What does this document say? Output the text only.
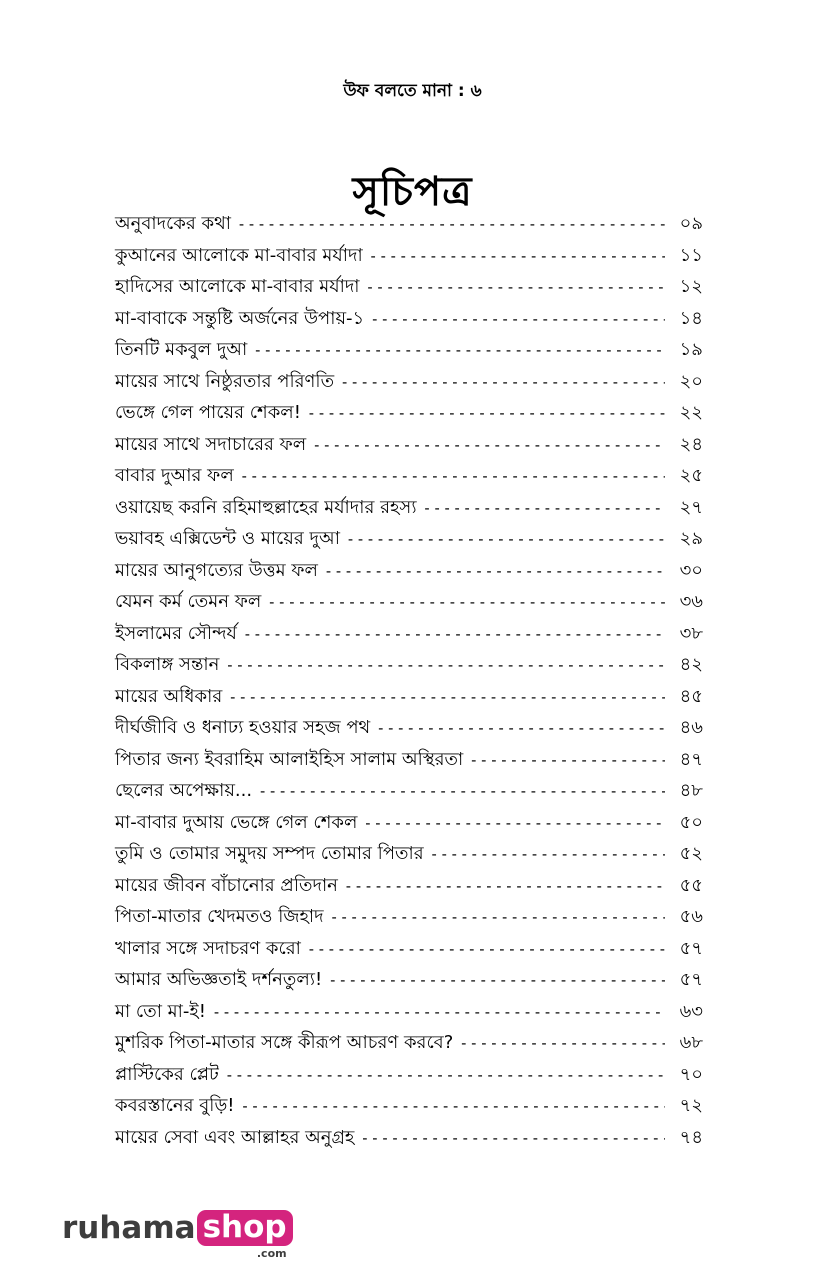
উফ বলতে মানা : ৬
সূচিপত্র
অনুবাদকের কথা -----	০৯
কুআনের আলোকে মা-বাবার মর্যাদা -----	১১
হাদিসের আলোকে মা-বাবার মর্যাদা -----	১২
মা-বাবাকে সন্তুষ্টি অর্জনের উপায়-১ -----	১৪
তিনটি মকবুল দুআ -----	১৯
মায়ের সাথে নিষ্ঠুরতার পরিণতি -----	২০
ভেঙ্গে গেল পায়ের শেকল! -----	২২
মায়ের সাথে সদাচারের ফল -----	২৪
বাবার দুআর ফল -----	২৫
ওয়ায়েছ করনি রহিমাহুল্লাহের মর্যাদার রহস্য -----	২৭
ভয়াবহ এক্সিডেন্ট ও মায়ের দুআ -----	২৯
মায়ের আনুগত্যের উত্তম ফল -----	৩০
যেমন কর্ম তেমন ফল -----	৩৬
ইসলামের সৌন্দর্য -----	৩৮
বিকলাঙ্গ সন্তান -----	৪২
মায়ের অধিকার -----	৪৫
দীর্ঘজীবি ও ধনাঢ্য হওয়ার সহজ পথ -----	৪৬
পিতার জন্য ইবরাহিম আলাইহিস সালাম অস্থিরতা -----	৪৭
ছেলের অপেক্ষায়... -----	৪৮
মা-বাবার দুআয় ভেঙ্গে গেল শেকল -----	৫০
তুমি ও তোমার সমুদয় সম্পদ তোমার পিতার -----	৫২
মায়ের জীবন বাঁচানোর প্রতিদান -----	৫৫
পিতা-মাতার খেদমতও জিহাদ -----	৫৬
খালার সঙ্গে সদাচরণ করো -----	৫৭
আমার অভিজ্ঞতাই দর্শনতুল্য! -----	৫৭
মা তো মা-ই! -----	৬৩
মুশরিক পিতা-মাতার সঙ্গে কীরূপ আচরণ করবে? -----	৬৮
প্লাস্টিকের প্লেট -----	৭০
কবরস্তানের বুড়ি! -----	৭২
মায়ের সেবা এবং আল্লাহর অনুগ্রহ -----	৭৪
ruhama shop
.com
